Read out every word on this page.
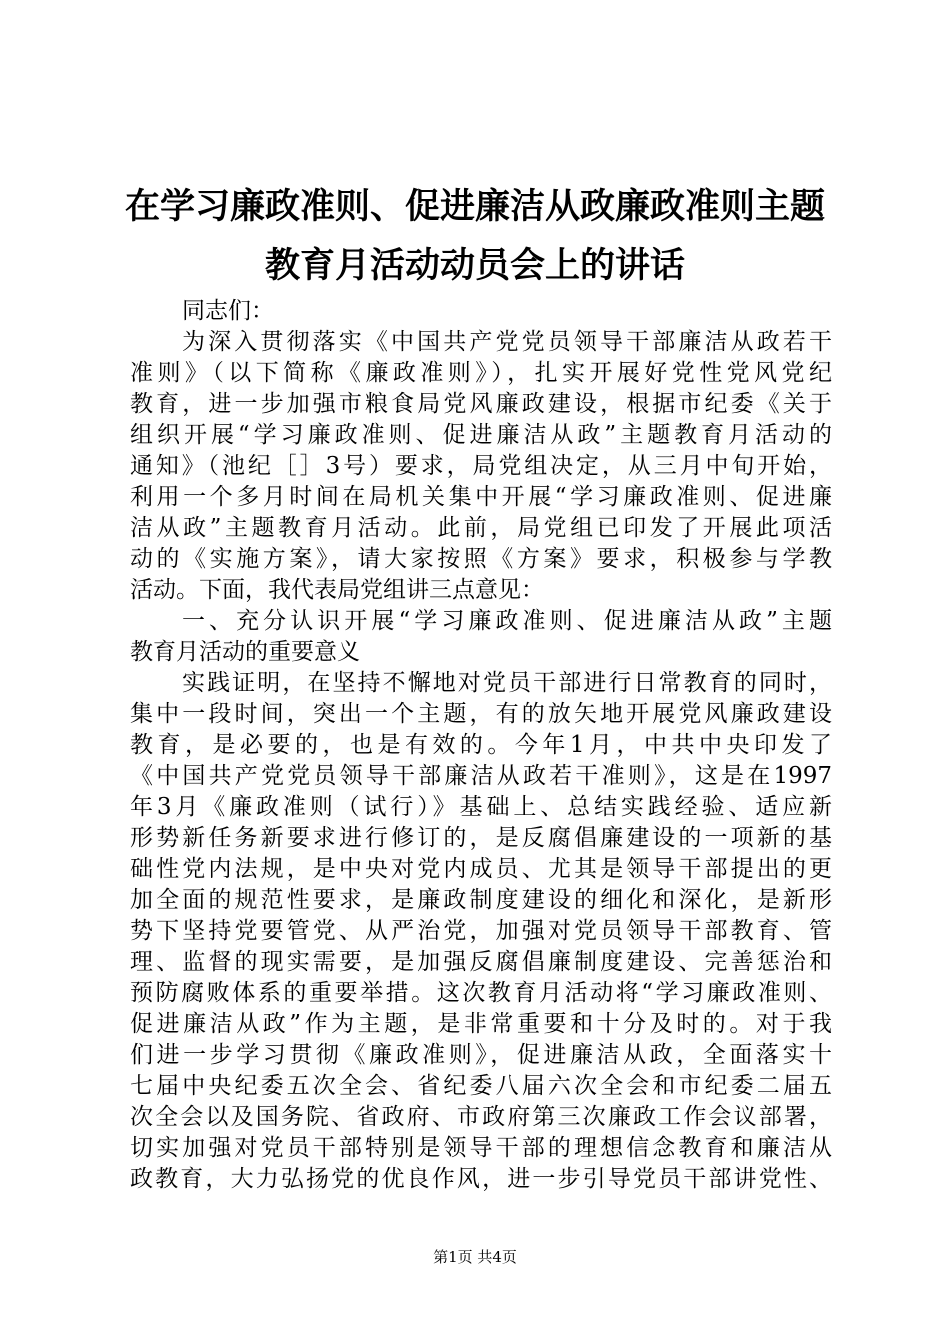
在学习廉政准则、促进廉洁从政廉政准则主题
教育月活动动员会上的讲话
同志们：
为深入贯彻落实《中国共产党党员领导干部廉洁从政若干
准则》（以下简称《廉政准则》），扎实开展好党性党风党纪
教育，进一步加强市粮食局党风廉政建设，根据市纪委《关于
组织开展“学习廉政准则、促进廉洁从政”主题教育月活动的
通知》（池纪［］3号）要求，局党组决定，从三月中旬开始，
利用一个多月时间在局机关集中开展“学习廉政准则、促进廉
洁从政”主题教育月活动。此前，局党组已印发了开展此项活
动的《实施方案》，请大家按照《方案》要求，积极参与学教
活动。下面，我代表局党组讲三点意见：
一、充分认识开展“学习廉政准则、促进廉洁从政”主题
教育月活动的重要意义
实践证明，在坚持不懈地对党员干部进行日常教育的同时，
集中一段时间，突出一个主题，有的放矢地开展党风廉政建设
教育，是必要的，也是有效的。今年1月，中共中央印发了
《中国共产党党员领导干部廉洁从政若干准则》，这是在1997
年3月《廉政准则（试行）》基础上、总结实践经验、适应新
形势新任务新要求进行修订的，是反腐倡廉建设的一项新的基
础性党内法规，是中央对党内成员、尤其是领导干部提出的更
加全面的规范性要求，是廉政制度建设的细化和深化，是新形
势下坚持党要管党、从严治党，加强对党员领导干部教育、管
理、监督的现实需要，是加强反腐倡廉制度建设、完善惩治和
预防腐败体系的重要举措。这次教育月活动将“学习廉政准则、
促进廉洁从政”作为主题，是非常重要和十分及时的。对于我
们进一步学习贯彻《廉政准则》，促进廉洁从政，全面落实十
七届中央纪委五次全会、省纪委八届六次全会和市纪委二届五
次全会以及国务院、省政府、市政府第三次廉政工作会议部署，
切实加强对党员干部特别是领导干部的理想信念教育和廉洁从
政教育，大力弘扬党的优良作风，进一步引导党员干部讲党性、
第1页 共4页
